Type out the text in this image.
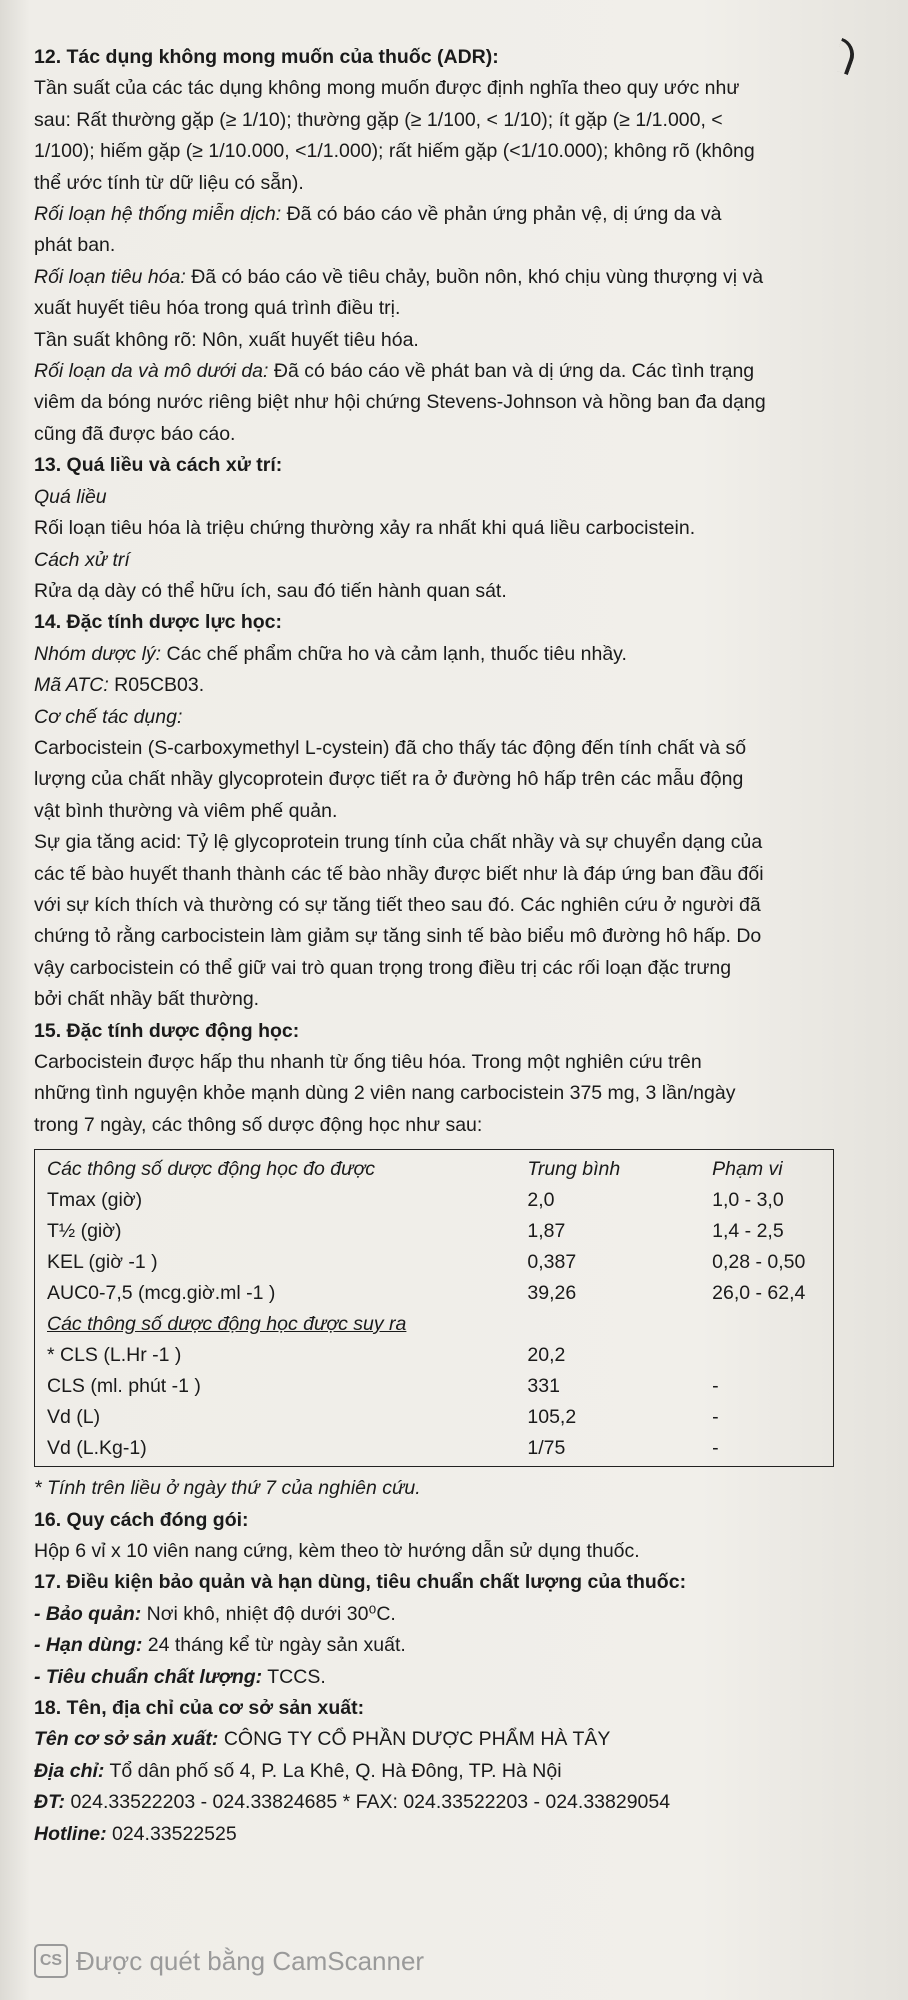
12. Tác dụng không mong muốn của thuốc (ADR):

Tần suất của các tác dụng không mong muốn được định nghĩa theo quy ước như

sau: Rất thường gặp (≥ 1/10); thường gặp (≥ 1/100, < 1/10); ít gặp (≥ 1/1.000, <

1/100); hiếm gặp (≥ 1/10.000, <1/1.000); rất hiếm gặp (<1/10.000); không rõ (không

thể ước tính từ dữ liệu có sẵn).

Rối loạn hệ thống miễn dịch: Đã có báo cáo về phản ứng phản vệ, dị ứng da và

phát ban.

Rối loạn tiêu hóa: Đã có báo cáo về tiêu chảy, buồn nôn, khó chịu vùng thượng vị và

xuất huyết tiêu hóa trong quá trình điều trị.

Tần suất không rõ: Nôn, xuất huyết tiêu hóa.

Rối loạn da và mô dưới da: Đã có báo cáo về phát ban và dị ứng da. Các tình trạng

viêm da bóng nước riêng biệt như hội chứng Stevens-Johnson và hồng ban đa dạng

cũng đã được báo cáo.

13. Quá liều và cách xử trí:

Quá liều

Rối loạn tiêu hóa là triệu chứng thường xảy ra nhất khi quá liều carbocistein.

Cách xử trí

Rửa dạ dày có thể hữu ích, sau đó tiến hành quan sát.

14. Đặc tính dược lực học:

Nhóm dược lý: Các chế phẩm chữa ho và cảm lạnh, thuốc tiêu nhầy.

Mã ATC: R05CB03.

Cơ chế tác dụng:

Carbocistein (S-carboxymethyl L-cystein) đã cho thấy tác động đến tính chất và số

lượng của chất nhầy glycoprotein được tiết ra ở đường hô hấp trên các mẫu động

vật bình thường và viêm phế quản.

Sự gia tăng acid: Tỷ lệ glycoprotein trung tính của chất nhầy và sự chuyển dạng của

các tế bào huyết thanh thành các tế bào nhầy được biết như là đáp ứng ban đầu đối

với sự kích thích và thường có sự tăng tiết theo sau đó. Các nghiên cứu ở người đã

chứng tỏ rằng carbocistein làm giảm sự tăng sinh tế bào biểu mô đường hô hấp. Do

vậy carbocistein có thể giữ vai trò quan trọng trong điều trị các rối loạn đặc trưng

bởi chất nhầy bất thường.

15. Đặc tính dược động học:

Carbocistein được hấp thu nhanh từ ống tiêu hóa. Trong một nghiên cứu trên

những tình nguyện khỏe mạnh dùng 2 viên nang carbocistein 375 mg, 3 lần/ngày

trong 7 ngày, các thông số dược động học như sau:

Các thông số dược động học đo được	Trung bình	Phạm vi
Tmax (giờ)	2,0	1,0 - 3,0
T½ (giờ)	1,87	1,4 - 2,5
KEL (giờ -1 )	0,387	0,28 - 0,50
AUC0-7,5 (mcg.giờ.ml -1 )	39,26	26,0 - 62,4
Các thông số dược động học được suy ra
* CLS (L.Hr -1 )	20,2
CLS (ml. phút -1 )	331	-
Vd (L)	105,2	-
Vd (L.Kg-1)	1/75	-

* Tính trên liều ở ngày thứ 7 của nghiên cứu.

16. Quy cách đóng gói:

Hộp 6 vỉ x 10 viên nang cứng, kèm theo tờ hướng dẫn sử dụng thuốc.

17. Điều kiện bảo quản và hạn dùng, tiêu chuẩn chất lượng của thuốc:

- Bảo quản: Nơi khô, nhiệt độ dưới 30⁰C.

- Hạn dùng: 24 tháng kể từ ngày sản xuất.

- Tiêu chuẩn chất lượng: TCCS.

18. Tên, địa chỉ của cơ sở sản xuất:

Tên cơ sở sản xuất: CÔNG TY CỔ PHẦN DƯỢC PHẨM HÀ TÂY

Địa chỉ: Tổ dân phố số 4, P. La Khê, Q. Hà Đông, TP. Hà Nội

ĐT: 024.33522203 - 024.33824685 * FAX: 024.33522203 - 024.33829054

Hotline: 024.33522525

CS Được quét bằng CamScanner
